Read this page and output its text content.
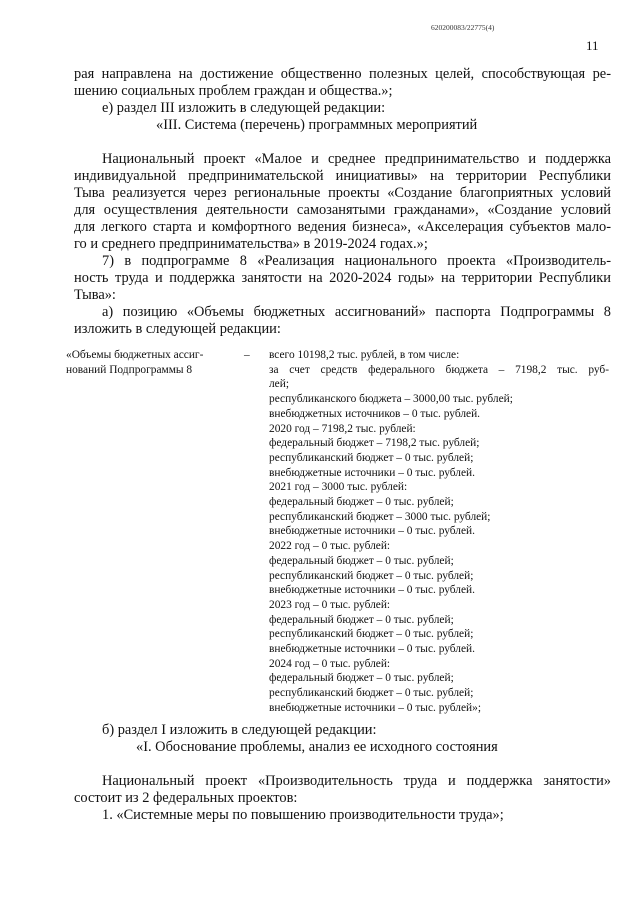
620200083/22775(4)
11
рая направлена на достижение общественно полезных целей, способствующая ре-
шению социальных проблем граждан и общества.»;
е) раздел III изложить в следующей редакции:
«III. Система (перечень) программных мероприятий
Национальный проект «Малое и среднее предпринимательство и поддержка
индивидуальной предпринимательской инициативы» на территории Республики
Тыва реализуется через региональные проекты «Создание благоприятных условий
для осуществления деятельности самозанятыми гражданами», «Создание условий
для легкого старта и комфортного ведения бизнеса», «Акселерация субъектов мало-
го и среднего предпринимательства» в 2019-2024 годах.»;
7) в подпрограмме 8 «Реализация национального проекта «Производитель-
ность труда и поддержка занятости на 2020-2024 годы» на территории Республики
Тыва»:
а) позицию «Объемы бюджетных ассигнований» паспорта Подпрограммы 8
изложить в следующей редакции:
«Объемы бюджетных ассиг-
нований Подпрограммы 8
– всего 10198,2 тыс. рублей, в том числе:
за счет средств федерального бюджета – 7198,2 тыс. руб-
лей;
республиканского бюджета – 3000,00 тыс. рублей;
внебюджетных источников – 0 тыс. рублей.
2020 год – 7198,2 тыс. рублей:
федеральный бюджет – 7198,2 тыс. рублей;
республиканский бюджет – 0 тыс. рублей;
внебюджетные источники – 0 тыс. рублей.
2021 год – 3000 тыс. рублей:
федеральный бюджет – 0 тыс. рублей;
республиканский бюджет – 3000 тыс. рублей;
внебюджетные источники – 0 тыс. рублей.
2022 год – 0 тыс. рублей:
федеральный бюджет – 0 тыс. рублей;
республиканский бюджет – 0 тыс. рублей;
внебюджетные источники – 0 тыс. рублей.
2023 год – 0 тыс. рублей:
федеральный бюджет – 0 тыс. рублей;
республиканский бюджет – 0 тыс. рублей;
внебюджетные источники – 0 тыс. рублей.
2024 год – 0 тыс. рублей:
федеральный бюджет – 0 тыс. рублей;
республиканский бюджет – 0 тыс. рублей;
внебюджетные источники – 0 тыс. рублей»;
б) раздел I изложить в следующей редакции:
«I. Обоснование проблемы, анализ ее исходного состояния
Национальный проект «Производительность труда и поддержка занятости»
состоит из 2 федеральных проектов:
1. «Системные меры по повышению производительности труда»;
